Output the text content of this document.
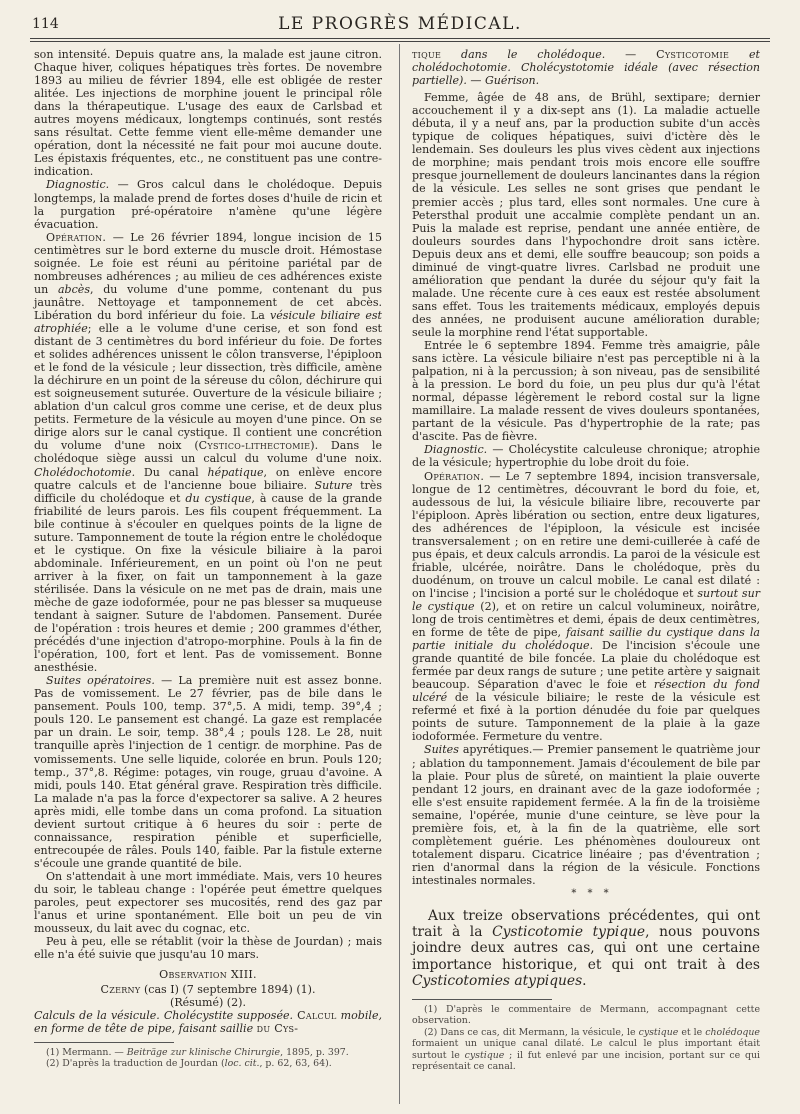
114	LE PROGRÈS MÉDICAL.

son intensité. Depuis quatre ans, la malade est jaune citron. Chaque hiver, coliques hépatiques très fortes. De novembre 1893 au milieu de février 1894, elle est obligée de rester alitée. Les injections de morphine jouent le principal rôle dans la thérapeutique. L'usage des eaux de Carlsbad et autres moyens médicaux, longtemps continués, sont restés sans résultat. Cette femme vient elle-même demander une opération, dont la nécessité ne fait pour moi aucune doute. Les épistaxis fréquentes, etc., ne constituent pas une contre-indication.

Diagnostic. — Gros calcul dans le cholédoque. Depuis longtemps, la malade prend de fortes doses d'huile de ricin et la purgation pré-opératoire n'amène qu'une légère évacuation.

Opération. — Le 26 février 1894, longue incision de 15 centimètres sur le bord externe du muscle droit. Hémostase soignée. Le foie est réuni au péritoine pariétal par de nombreuses adhérences ; au milieu de ces adhérences existe un abcès, du volume d'une pomme, contenant du pus jaunâtre. Nettoyage et tamponnement de cet abcès. Libération du bord inférieur du foie. La vésicule biliaire est atrophiée; elle a le volume d'une cerise, et son fond est distant de 3 centimètres du bord inférieur du foie. De fortes et solides adhérences unissent le côlon transverse, l'épiploon et le fond de la vésicule ; leur dissection, très difficile, amène la déchirure en un point de la séreuse du côlon, déchirure qui est soigneusement suturée. Ouverture de la vésicule biliaire ; ablation d'un calcul gros comme une cerise, et de deux plus petits. Fermeture de la vésicule au moyen d'une pince. On se dirige alors sur le canal cystique. Il contient une concrétion du volume d'une noix (Cystico-lithectomie). Dans le cholédoque siège aussi un calcul du volume d'une noix. Cholédochotomie. Du canal hépatique, on enlève encore quatre calculs et de l'ancienne boue biliaire. Suture très difficile du cholédoque et du cystique, à cause de la grande friabilité de leurs parois. Les fils coupent fréquemment. La bile continue à s'écouler en quelques points de la ligne de suture. Tamponnement de toute la région entre le cholédoque et le cystique. On fixe la vésicule biliaire à la paroi abdominale. Inférieurement, en un point où l'on ne peut arriver à la fixer, on fait un tamponnement à la gaze stérilisée. Dans la vésicule on ne met pas de drain, mais une mèche de gaze iodoformée, pour ne pas blesser sa muqueuse tendant à saigner. Suture de l'abdomen. Pansement. Durée de l'opération : trois heures et demie ; 200 grammes d'éther, précédés d'une injection d'atropo-morphine. Pouls à la fin de l'opération, 100, fort et lent. Pas de vomissement. Bonne anesthésie.

Suites opératoires. — La première nuit est assez bonne. Pas de vomissement. Le 27 février, pas de bile dans le pansement. Pouls 100, temp. 37°,5. A midi, temp. 39°,4 ; pouls 120. Le pansement est changé. La gaze est remplacée par un drain. Le soir, temp. 38°,4 ; pouls 128. Le 28, nuit tranquille après l'injection de 1 centigr. de morphine. Pas de vomissements. Une selle liquide, colorée en brun. Pouls 120; temp., 37°,8. Régime: potages, vin rouge, gruau d'avoine. A midi, pouls 140. Etat général grave. Respiration très difficile. La malade n'a pas la force d'expectorer sa salive. A 2 heures après midi, elle tombe dans un coma profond. La situation devient surtout critique à 6 heures du soir : perte de connaissance, respiration pénible et superficielle, entrecoupée de râles. Pouls 140, faible. Par la fistule externe s'écoule une grande quantité de bile.

On s'attendait à une mort immédiate. Mais, vers 10 heures du soir, le tableau change : l'opérée peut émettre quelques paroles, peut expectorer ses mucosités, rend des gaz par l'anus et urine spontanément. Elle boit un peu de vin mousseux, du lait avec du cognac, etc.

Peu à peu, elle se rétablit (voir la thèse de Jourdan) ; mais elle n'a été suivie que jusqu'au 10 mars.

Observation XIII.

Czerny (cas I) (7 septembre 1894) (1).

(Résumé) (2).

Calculs de la vésicule. Cholécystite supposée. Calcul mobile, en forme de tête de pipe, faisant saillie du Cys-

(1) Mermann. — Beiträge zur klinische Chirurgie, 1895, p. 397.

(2) D'après la traduction de Jourdan (loc. cit., p. 62, 63, 64).

tique dans le cholédoque. — Cysticotomie et cholédochotomie. Cholécystotomie idéale (avec résection partielle). — Guérison.

Femme, âgée de 48 ans, de Brühl, sextipare; dernier accouchement il y a dix-sept ans (1). La maladie actuelle débuta, il y a neuf ans, par la production subite d'un accès typique de coliques hépatiques, suivi d'ictère dès le lendemain. Ses douleurs les plus vives cèdent aux injections de morphine; mais pendant trois mois encore elle souffre presque journellement de douleurs lancinantes dans la région de la vésicule. Les selles ne sont grises que pendant le premier accès ; plus tard, elles sont normales. Une cure à Petersthal produit une accalmie complète pendant un an. Puis la malade est reprise, pendant une année entière, de douleurs sourdes dans l'hypochondre droit sans ictère. Depuis deux ans et demi, elle souffre beaucoup; son poids a diminué de vingt-quatre livres. Carlsbad ne produit une amélioration que pendant la durée du séjour qu'y fait la malade. Une récente cure à ces eaux est restée absolument sans effet. Tous les traitements médicaux, employés depuis des années, ne produisent aucune amélioration durable; seule la morphine rend l'état supportable.

Entrée le 6 septembre 1894. Femme très amaigrie, pâle sans ictère. La vésicule biliaire n'est pas perceptible ni à la palpation, ni à la percussion; à son niveau, pas de sensibilité à la pression. Le bord du foie, un peu plus dur qu'à l'état normal, dépasse légèrement le rebord costal sur la ligne mamillaire. La malade ressent de vives douleurs spontanées, partant de la vésicule. Pas d'hypertrophie de la rate; pas d'ascite. Pas de fièvre.

Diagnostic. — Cholécystite calculeuse chronique; atrophie de la vésicule; hypertrophie du lobe droit du foie.

Opération. — Le 7 septembre 1894, incision transversale, longue de 12 centimètres, découvrant le bord du foie, et, audessous de lui, la vésicule biliaire libre, recouverte par l'épiploon. Après libération ou section, entre deux ligatures, des adhérences de l'épiploon, la vésicule est incisée transversalement ; on en retire une demi-cuillerée à café de pus épais, et deux calculs arrondis. La paroi de la vésicule est friable, ulcérée, noirâtre. Dans le cholédoque, près du duodénum, on trouve un calcul mobile. Le canal est dilaté : on l'incise ; l'incision a porté sur le cholédoque et surtout sur le cystique (2), et on retire un calcul volumineux, noirâtre, long de trois centimètres et demi, épais de deux centimètres, en forme de tête de pipe, faisant saillie du cystique dans la partie initiale du cholédoque. De l'incision s'écoule une grande quantité de bile foncée. La plaie du cholédoque est fermée par deux rangs de suture ; une petite artère y saignait beaucoup. Séparation d'avec le foie et résection du fond ulcéré de la vésicule biliaire; le reste de la vésicule est refermé et fixé à la portion dénudée du foie par quelques points de suture. Tamponnement de la plaie à la gaze iodoformée. Fermeture du ventre.

Suites apyrétiques.— Premier pansement le quatrième jour ; ablation du tamponnement. Jamais d'écoulement de bile par la plaie. Pour plus de sûreté, on maintient la plaie ouverte pendant 12 jours, en drainant avec de la gaze iodoformée ; elle s'est ensuite rapidement fermée. A la fin de la troisième semaine, l'opérée, munie d'une ceinture, se lève pour la première fois, et, à la fin de la quatrième, elle sort complètement guérie. Les phénomènes douloureux ont totalement disparu. Cicatrice linéaire ; pas d'éventration ; rien d'anormal dans la région de la vésicule. Fonctions intestinales normales.

* * *

Aux treize observations précédentes, qui ont trait à la Cysticotomie typique, nous pouvons joindre deux autres cas, qui ont une certaine importance historique, et qui ont trait à des Cysticotomies atypiques.

(1) D'après le commentaire de Mermann, accompagnant cette observation.

(2) Dans ce cas, dit Mermann, la vésicule, le cystique et le cholédoque formaient un unique canal dilaté. Le calcul le plus important était surtout le cystique ; il fut enlevé par une incision, portant sur ce qui représentait ce canal.
